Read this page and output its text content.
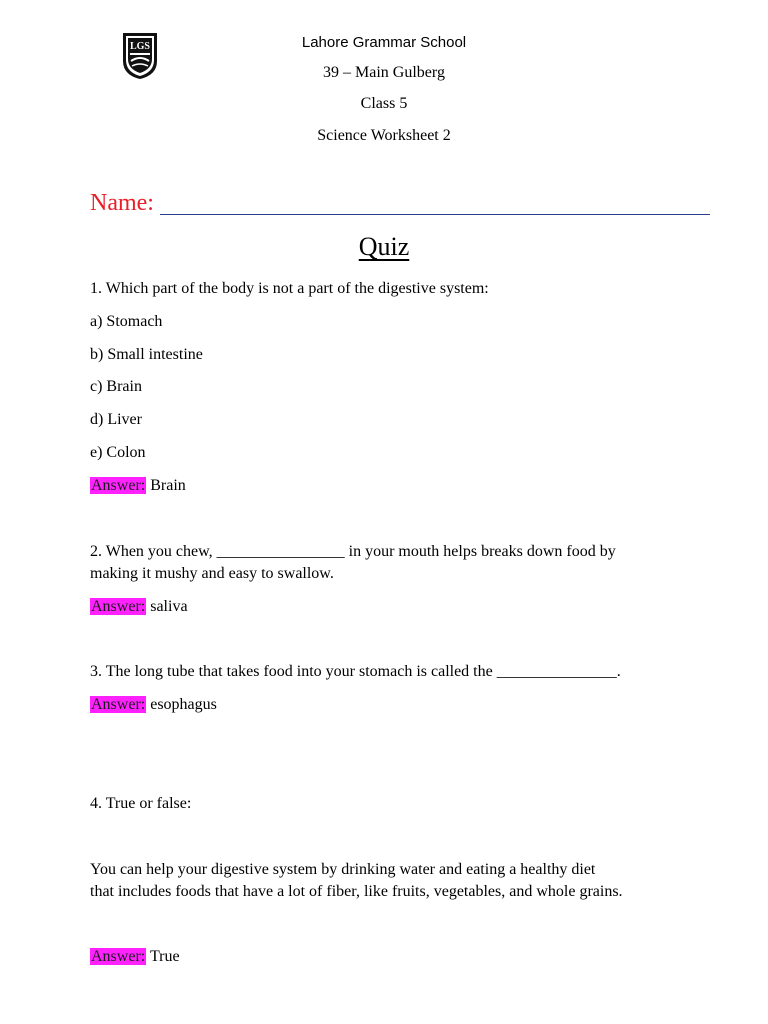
LGS	Lahore Grammar School
39 – Main Gulberg
Class 5
Science Worksheet 2
Name:
Quiz
1. Which part of the body is not a part of the digestive system:
a) Stomach
b) Small intestine
c) Brain
d) Liver
e) Colon
Answer: Brain
2. When you chew, ________________ in your mouth helps breaks down food by
making it mushy and easy to swallow.
Answer: saliva
3. The long tube that takes food into your stomach is called the _______________.
Answer: esophagus
4. True or false:
You can help your digestive system by drinking water and eating a healthy diet
that includes foods that have a lot of fiber, like fruits, vegetables, and whole grains.
Answer: True
